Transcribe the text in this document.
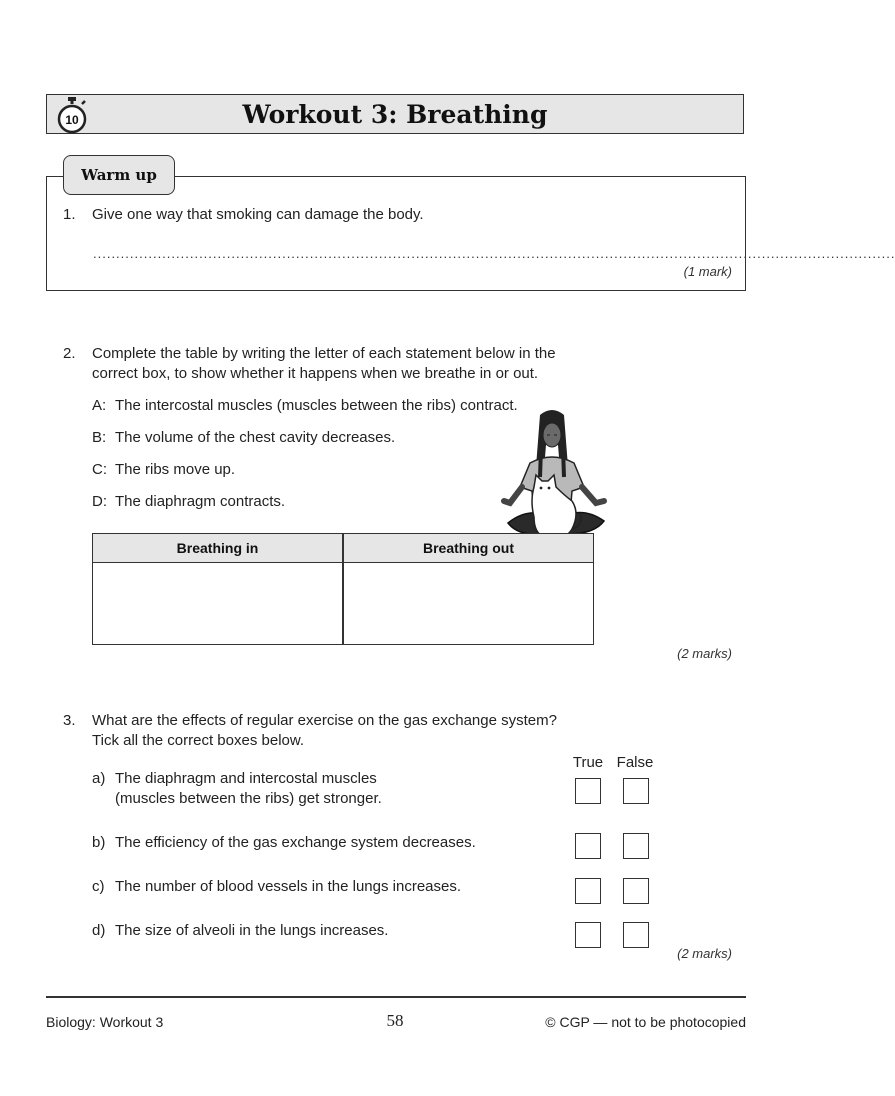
Workout 3: Breathing
10
Warm up
1. Give one way that smoking can damage the body.
..............................................................................................................................................................................
(1 mark)
2. Complete the table by writing the letter of each statement below in the
correct box, to show whether it happens when we breathe in or out.
A: The intercostal muscles (muscles between the ribs) contract.
B: The volume of the chest cavity decreases.
C: The ribs move up.
D: The diaphragm contracts.
Breathing in	Breathing out
(2 marks)
3. What are the effects of regular exercise on the gas exchange system?
Tick all the correct boxes below.
True False
a) The diaphragm and intercostal muscles
(muscles between the ribs) get stronger.
b) The efficiency of the gas exchange system decreases.
c) The number of blood vessels in the lungs increases.
d) The size of alveoli in the lungs increases.
(2 marks)
Biology: Workout 3	58	© CGP — not to be photocopied
